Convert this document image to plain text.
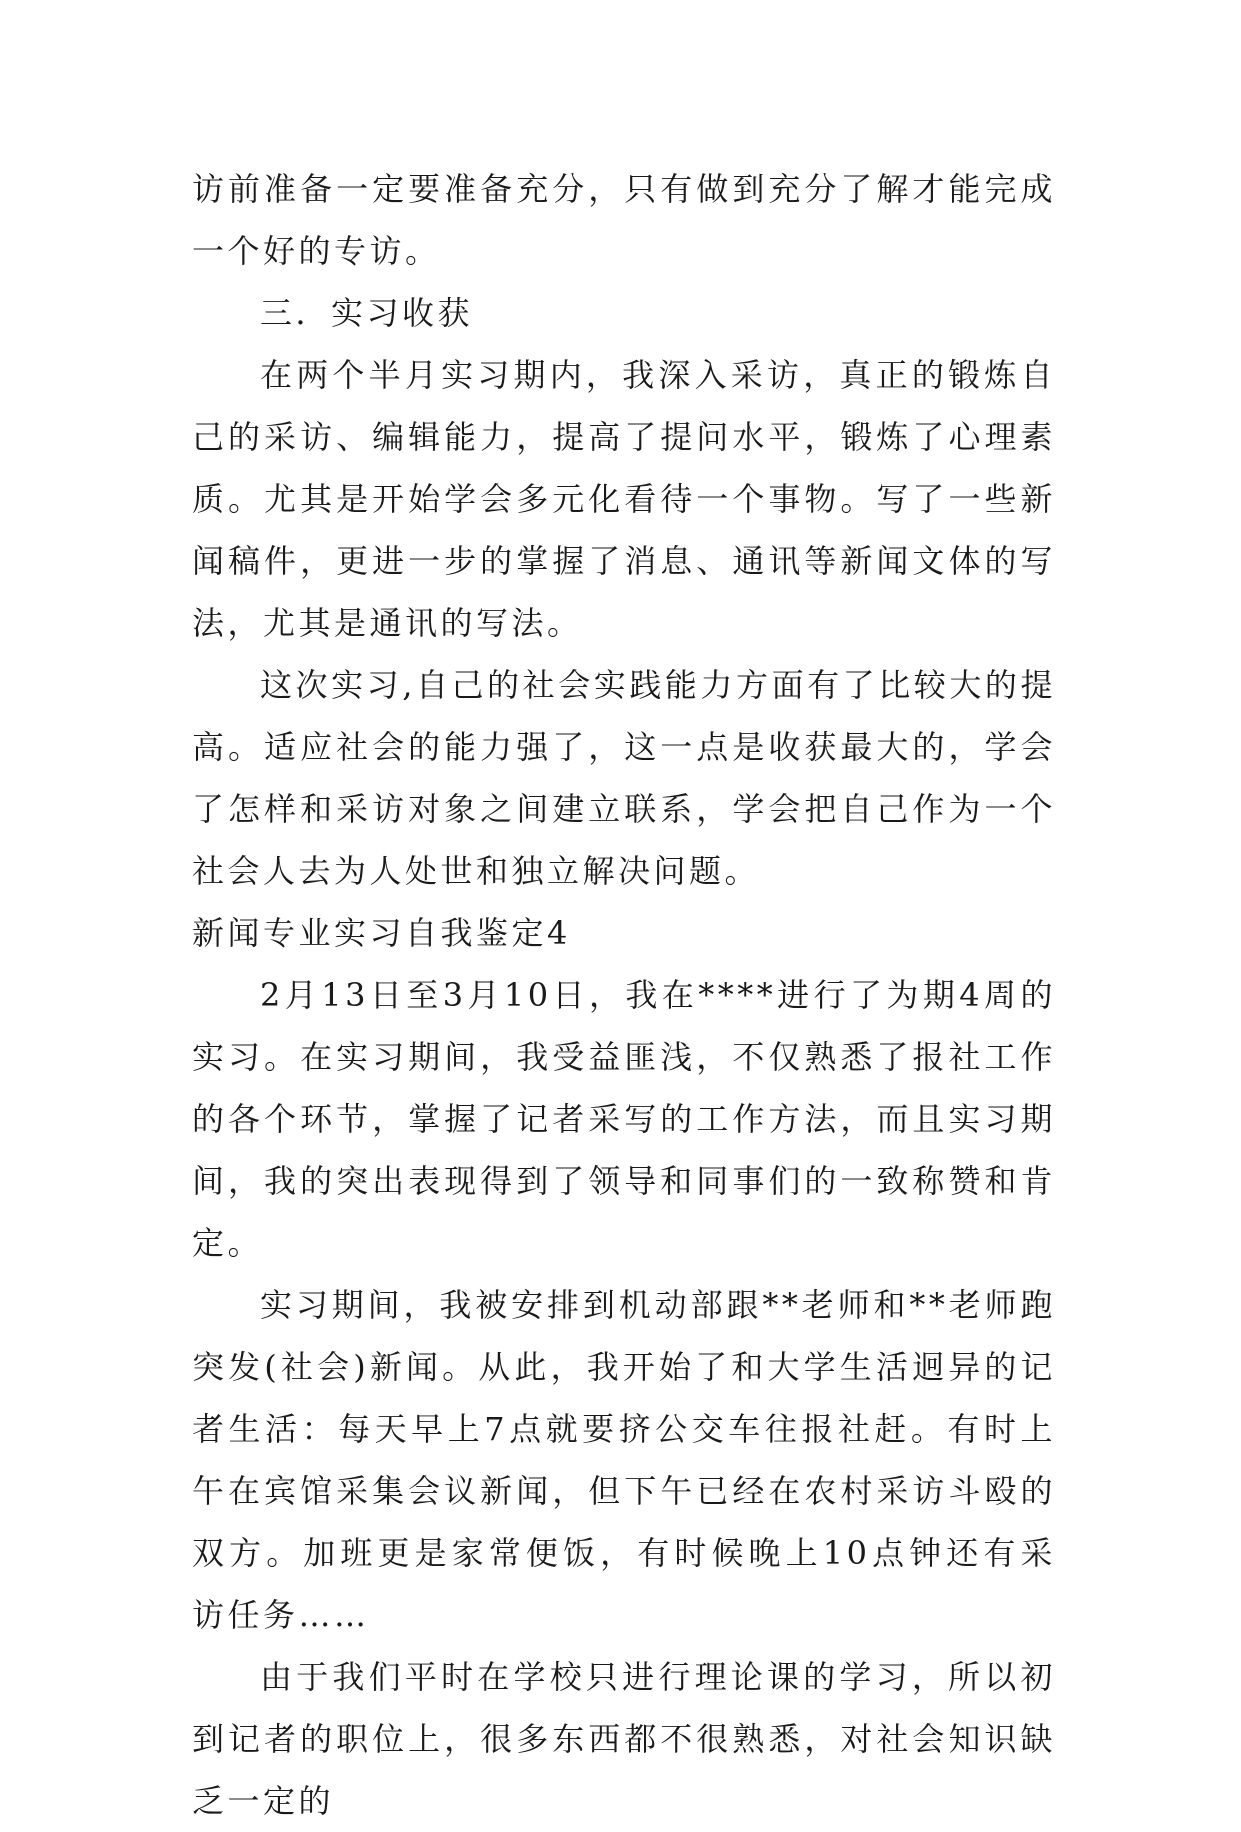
访前准备一定要准备充分，只有做到充分了解才能完成一个好的专访。

三．实习收获

在两个半月实习期内，我深入采访，真正的锻炼自己的采访、编辑能力，提高了提问水平，锻炼了心理素质。尤其是开始学会多元化看待一个事物。写了一些新闻稿件，更进一步的掌握了消息、通讯等新闻文体的写法，尤其是通讯的写法。

这次实习,自己的社会实践能力方面有了比较大的提高。适应社会的能力强了，这一点是收获最大的，学会了怎样和采访对象之间建立联系，学会把自己作为一个社会人去为人处世和独立解决问题。

新闻专业实习自我鉴定4

2月13日至3月10日，我在****进行了为期4周的实习。在实习期间，我受益匪浅，不仅熟悉了报社工作的各个环节，掌握了记者采写的工作方法，而且实习期间，我的突出表现得到了领导和同事们的一致称赞和肯定。

实习期间，我被安排到机动部跟**老师和**老师跑突发(社会)新闻。从此，我开始了和大学生活迥异的记者生活：每天早上7点就要挤公交车往报社赶。有时上午在宾馆采集会议新闻，但下午已经在农村采访斗殴的双方。加班更是家常便饭，有时候晚上10点钟还有采访任务……

由于我们平时在学校只进行理论课的学习，所以初到记者的职位上，很多东西都不很熟悉，对社会知识缺乏一定的
